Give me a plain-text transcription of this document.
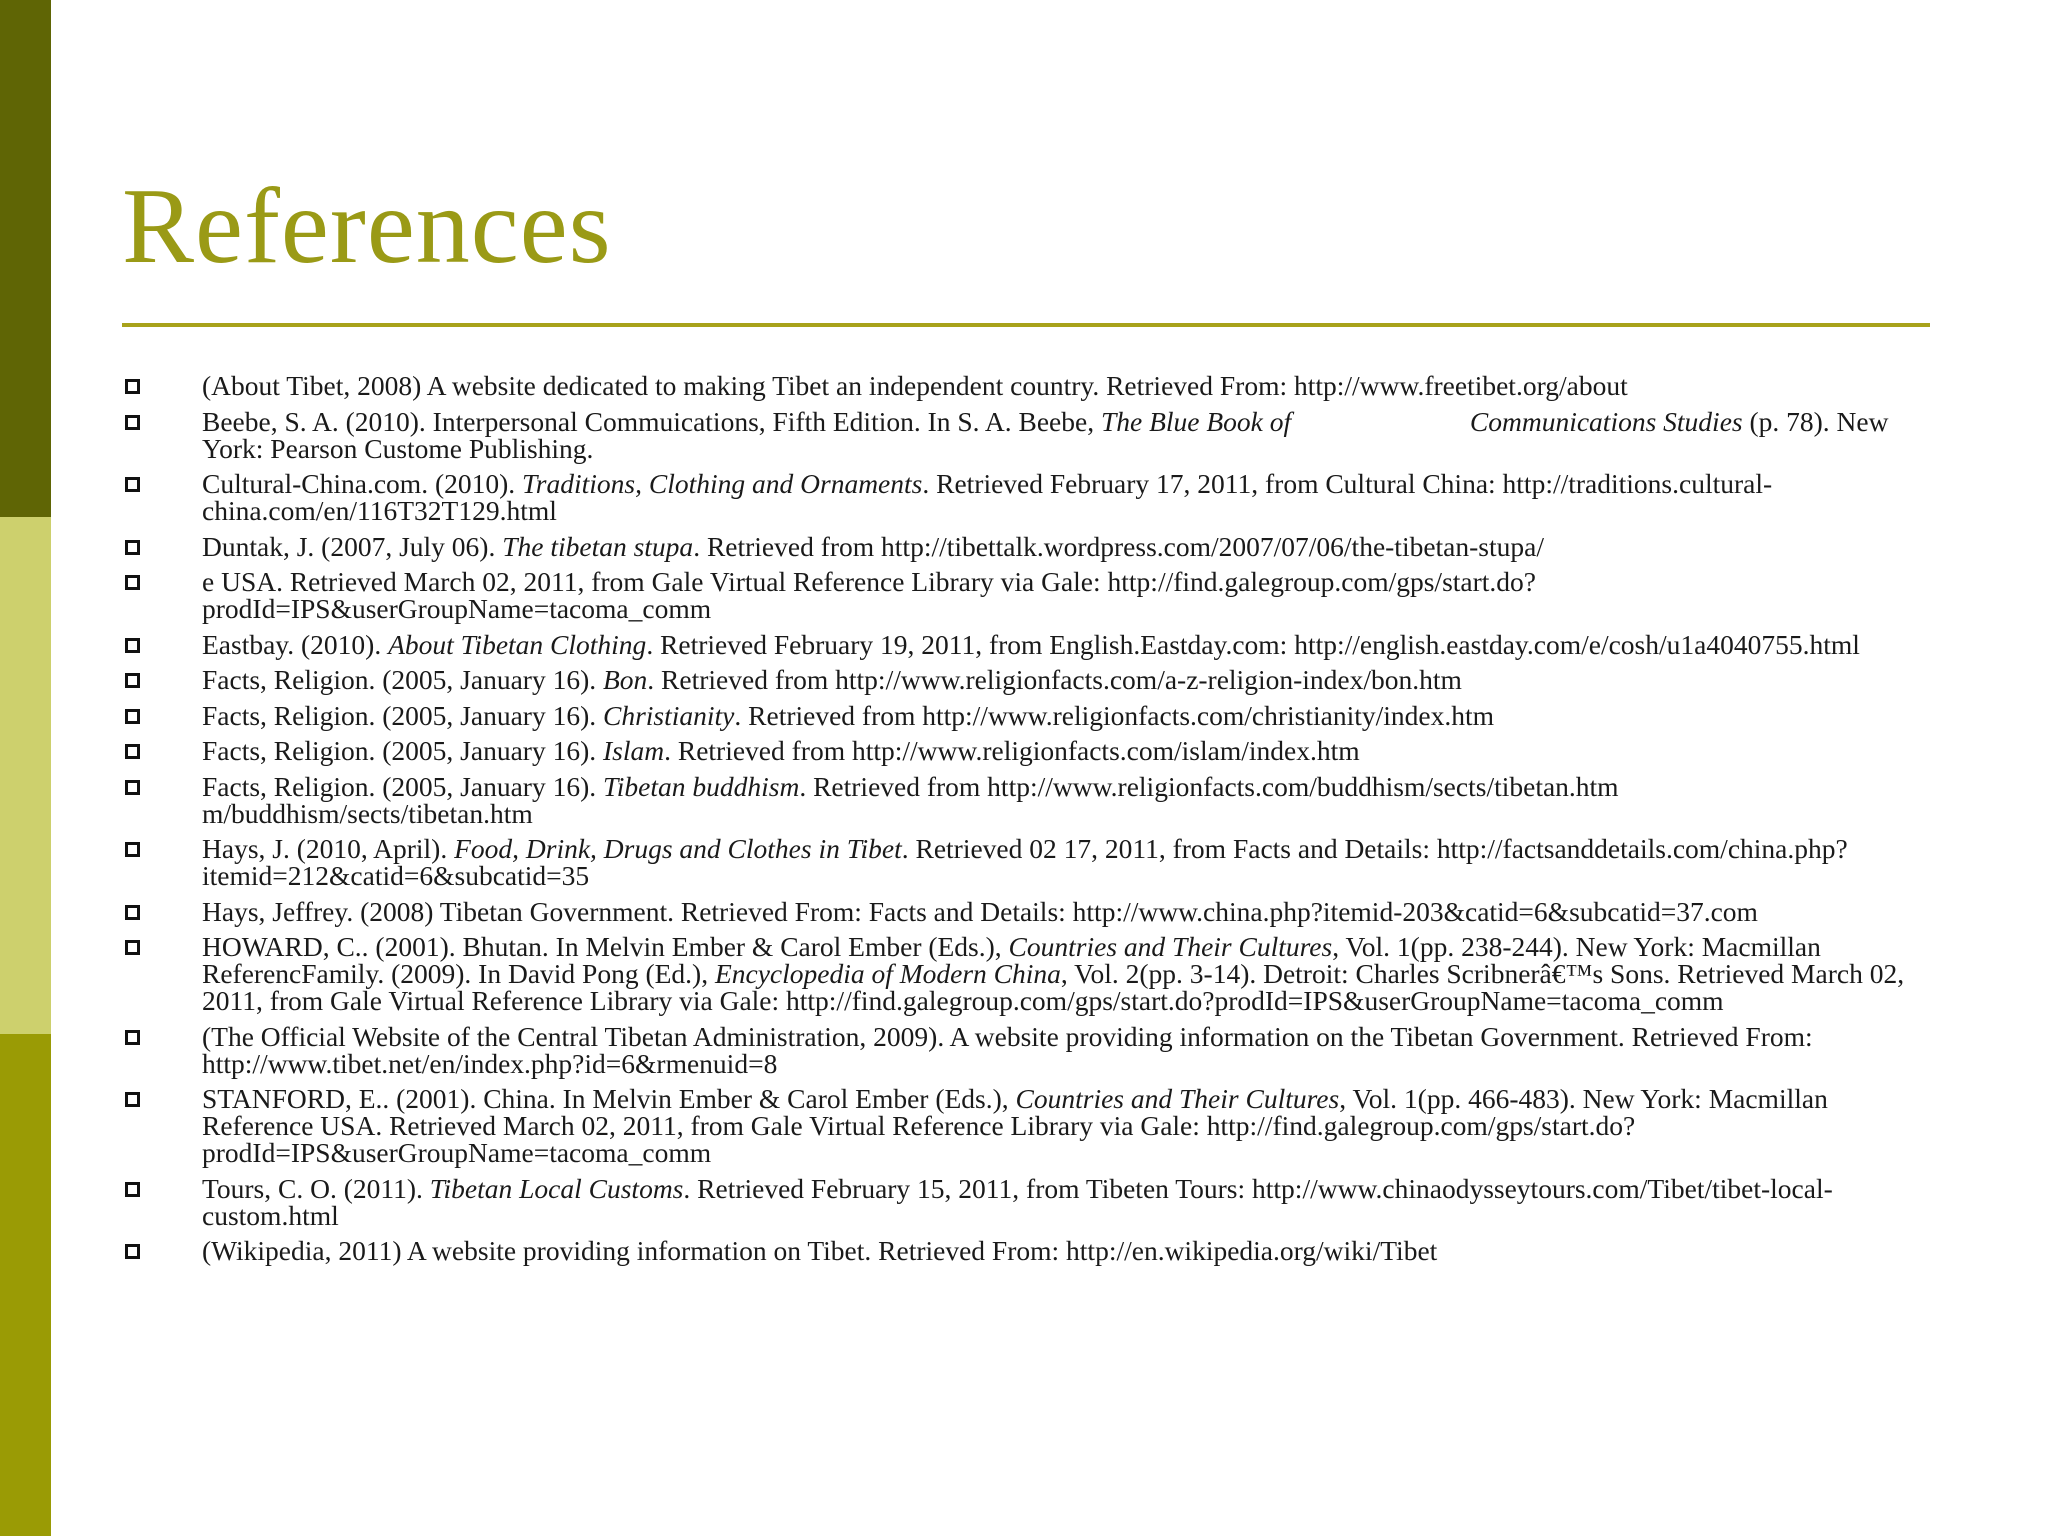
References
(About Tibet, 2008) A website dedicated to making Tibet an independent country. Retrieved From: http://www.freetibet.org/about
Beebe, S. A. (2010). Interpersonal Commuications, Fifth Edition. In S. A. Beebe, The Blue Book of                          Communications Studies (p. 78). New York: Pearson Custome Publishing.
Cultural-China.com. (2010). Traditions, Clothing and Ornaments. Retrieved February 17, 2011, from Cultural China: http://traditions.cultural-china.com/en/116T32T129.html
Duntak, J. (2007, July 06). The tibetan stupa. Retrieved from http://tibettalk.wordpress.com/2007/07/06/the-tibetan-stupa/
e USA. Retrieved March 02, 2011, from Gale Virtual Reference Library via Gale: http://find.galegroup.com/gps/start.do?prodId=IPS&userGroupName=tacoma_comm
Eastbay. (2010). About Tibetan Clothing. Retrieved February 19, 2011, from English.Eastday.com: http://english.eastday.com/e/cosh/u1a4040755.html
Facts, Religion. (2005, January 16). Bon. Retrieved from http://www.religionfacts.com/a-z-religion-index/bon.htm
Facts, Religion. (2005, January 16). Christianity. Retrieved from http://www.religionfacts.com/christianity/index.htm
Facts, Religion. (2005, January 16). Islam. Retrieved from http://www.religionfacts.com/islam/index.htm
Facts, Religion. (2005, January 16). Tibetan buddhism. Retrieved from http://www.religionfacts.com/buddhism/sects/tibetan.htm m/buddhism/sects/tibetan.htm
Hays, J. (2010, April). Food, Drink, Drugs and Clothes in Tibet. Retrieved 02 17, 2011, from Facts and Details: http://factsanddetails.com/china.php?itemid=212&catid=6&subcatid=35
Hays, Jeffrey. (2008) Tibetan Government. Retrieved From: Facts and Details: http://www.china.php?itemid-203&catid=6&subcatid=37.com
HOWARD, C.. (2001). Bhutan. In Melvin Ember & Carol Ember (Eds.), Countries and Their Cultures, Vol. 1(pp. 238-244). New York: Macmillan ReferencFamily. (2009). In David Pong (Ed.), Encyclopedia of Modern China, Vol. 2(pp. 3-14). Detroit: Charles Scribnerâ€™s Sons. Retrieved March 02, 2011, from Gale Virtual Reference Library via Gale: http://find.galegroup.com/gps/start.do?prodId=IPS&userGroupName=tacoma_comm
(The Official Website of the Central Tibetan Administration, 2009). A website providing information on the Tibetan Government. Retrieved From: http://www.tibet.net/en/index.php?id=6&rmenuid=8
STANFORD, E.. (2001). China. In Melvin Ember & Carol Ember (Eds.), Countries and Their Cultures, Vol. 1(pp. 466-483). New York: Macmillan Reference USA. Retrieved March 02, 2011, from Gale Virtual Reference Library via Gale: http://find.galegroup.com/gps/start.do?prodId=IPS&userGroupName=tacoma_comm
Tours, C. O. (2011). Tibetan Local Customs. Retrieved February 15, 2011, from Tibeten Tours: http://www.chinaodysseytours.com/Tibet/tibet-local-custom.html
(Wikipedia, 2011) A website providing information on Tibet. Retrieved From: http://en.wikipedia.org/wiki/Tibet
